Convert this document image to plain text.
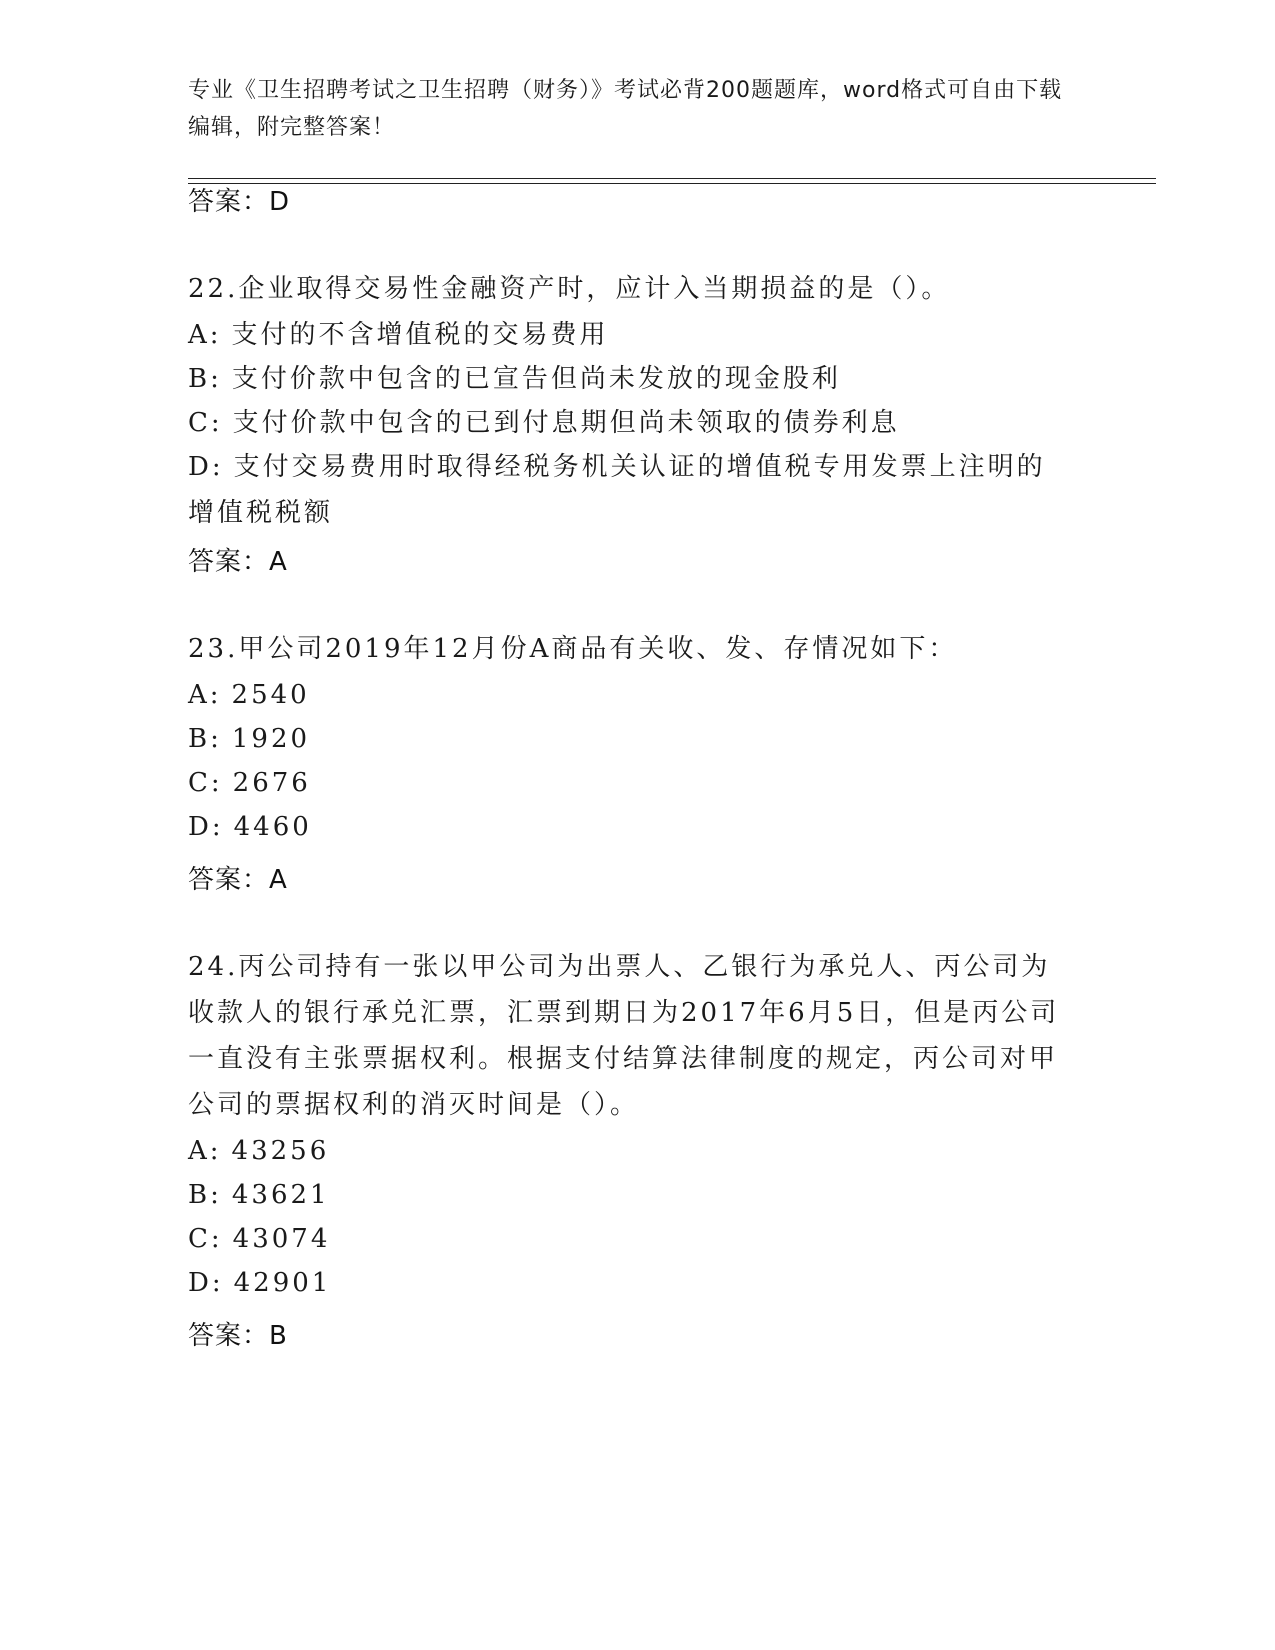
专业《卫生招聘考试之卫生招聘（财务）》考试必背200题题库，word格式可自由下载编辑，附完整答案！
答案：D
22.企业取得交易性金融资产时，应计入当期损益的是（）。
A: 支付的不含增值税的交易费用
B: 支付价款中包含的已宣告但尚未发放的现金股利
C: 支付价款中包含的已到付息期但尚未领取的债券利息
D: 支付交易费用时取得经税务机关认证的增值税专用发票上注明的增值税税额
答案：A
23.甲公司2019年12月份A商品有关收、发、存情况如下：
A: 2540
B: 1920
C: 2676
D: 4460
答案：A
24.丙公司持有一张以甲公司为出票人、乙银行为承兑人、丙公司为收款人的银行承兑汇票，汇票到期日为2017年6月5日，但是丙公司一直没有主张票据权利。根据支付结算法律制度的规定，丙公司对甲公司的票据权利的消灭时间是（）。
A: 43256
B: 43621
C: 43074
D: 42901
答案：B
